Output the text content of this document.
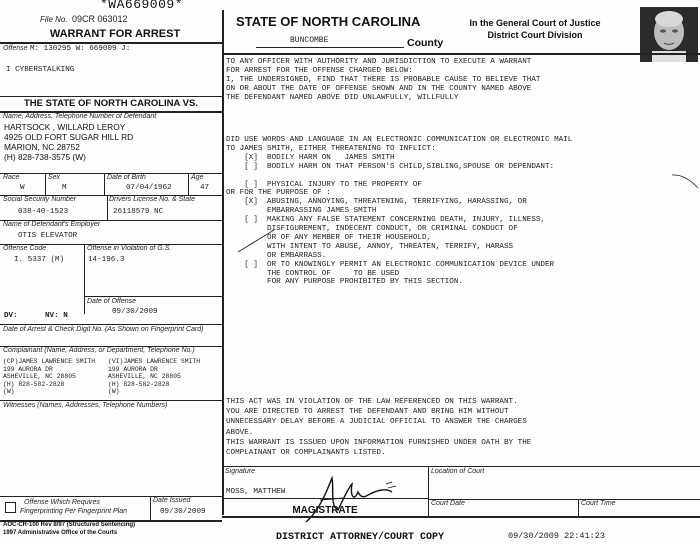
*WA669009*
File No. 09CR 063012
WARRANT FOR ARREST
STATE OF NORTH CAROLINA
BUNCOMBE	County
In the General Court of Justice
District Court Division
Offense M: 130295 W: 669009 J:
I CYBERSTALKING
THE STATE OF NORTH CAROLINA VS.
Name, Address, Telephone Number of Defendant
HARTSOCK , WILLARD LEROY
4925 OLD FORT SUGAR HILL RD
MARION, NC 28752
(H) 828-738-3575 (W)
Race
W
Sex
M
Date of Birth
07/04/1962
Age
47
Social Security Number
038-40-1523
Drivers License No. & State
26118579 NC
Name of Defendant's Employer
OTIS ELEVATOR
Offense Code
I. 5337 (M)
Offense in Violation of G.S.
14-196.3
Date of Offense
09/30/2009
DV:	NV: N
Date of Arrest & Check Digit No. (As Shown on Fingerprint Card)
Complainant (Name, Address, or Department, Telephone No.)
(CP)JAMES LAWRENCE SMITH
199 AURORA DR
ASHEVILLE, NC 28805
(H) 828-582-2828
(W)
(VI)JAMES LAWRENCE SMITH
199 AURORA DR
ASHEVILLE, NC 28805
(H) 828-582-2828
(W)
Witnesses (Names, Addresses, Telephone Numbers)
Offense Which Requires
Fingerprinting Per Fingerprint Plan
Date Issued
09/30/2009
AOC-CR-100 Rev 8/97 (Structured Sentencing)
1997 Administrative Office of the Courts
TO ANY OFFICER WITH AUTHORITY AND JURISDICTION TO EXECUTE A WARRANT
FOR ARREST FOR THE OFFENSE CHARGED BELOW:
I, THE UNDERSIGNED, FIND THAT THERE IS PROBABLE CAUSE TO BELIEVE THAT
ON OR ABOUT THE DATE OF OFFENSE SHOWN AND IN THE COUNTY NAMED ABOVE
THE DEFENDANT NAMED ABOVE DID UNLAWFULLY, WILLFULLY
DID USE WORDS AND LANGUAGE IN AN ELECTRONIC COMMUNICATION OR ELECTRONIC MAIL
TO JAMES SMITH, EITHER THREATENING TO INFLICT:
[X]  BODILY HARM ON   JAMES SMITH
[ ]  BODILY HARM ON THAT PERSON'S CHILD,SIBLING,SPOUSE OR DEPENDANT:
[ ]  PHYSICAL INJURY TO THE PROPERTY OF
OR FOR THE PURPOSE OF :
[X]  ABUSING, ANNOYING, THREATENING, TERRIFYING, HARASSING, OR
EMBARRASSING JAMES SMITH
[ ]  MAKING ANY FALSE STATEMENT CONCERNING DEATH, INJURY, ILLNESS,
DISFIGUREMENT, INDECENT CONDUCT, OR CRIMINAL CONDUCT OF
OR OF ANY MEMBER OF THEIR HOUSEHOLD,
WITH INTENT TO ABUSE, ANNOY, THREATEN, TERRIFY, HARASS
OR EMBARRASS.
[ ]  OR TO KNOWINGLY PERMIT AN ELECTRONIC COMMUNICATION DEVICE UNDER
THE CONTROL OF     TO BE USED
FOR ANY PURPOSE PROHIBITED BY THIS SECTION.
THIS ACT WAS IN VIOLATION OF THE LAW REFERENCED ON THIS WARRANT.
YOU ARE DIRECTED TO ARREST THE DEFENDANT AND BRING HIM WITHOUT
UNNECESSARY DELAY BEFORE A JUDICIAL OFFICIAL TO ANSWER THE CHARGES
ABOVE.
THIS WARRANT IS ISSUED UPON INFORMATION FURNISHED UNDER OATH BY THE
COMPLAINANT OR COMPLAINANTS LISTED.
Signature	Location of Court
MOSS, MATTHEW
MAGISTRATE
Court Date	Court Time
DISTRICT ATTORNEY/COURT COPY	09/30/2009 22:41:23
